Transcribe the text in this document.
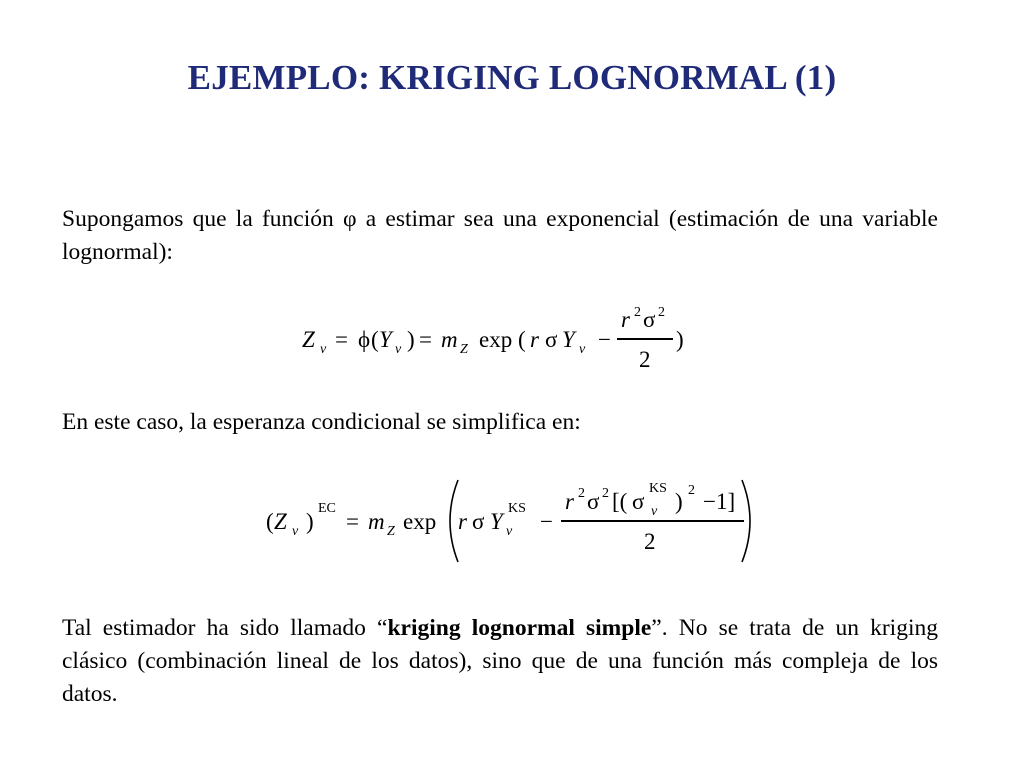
EJEMPLO: KRIGING LOGNORMAL (1)
Supongamos que la función φ a estimar sea una exponencial (estimación de una variable lognormal):
Z v = ϕ ( Y v ) = m Z exp ( r σ Y v −
r 2 σ 2
2
)
En este caso, la esperanza condicional se simplifica en:
( Z v )
EC
= m Z exp r σ Y
KS
v −
r 2 σ 2 [( σ
KS
v ) 2 −1]
2
Tal estimador ha sido llamado “kriging lognormal simple”. No se trata de un kriging clásico (combinación lineal de los datos), sino que de una función más compleja de los datos.
